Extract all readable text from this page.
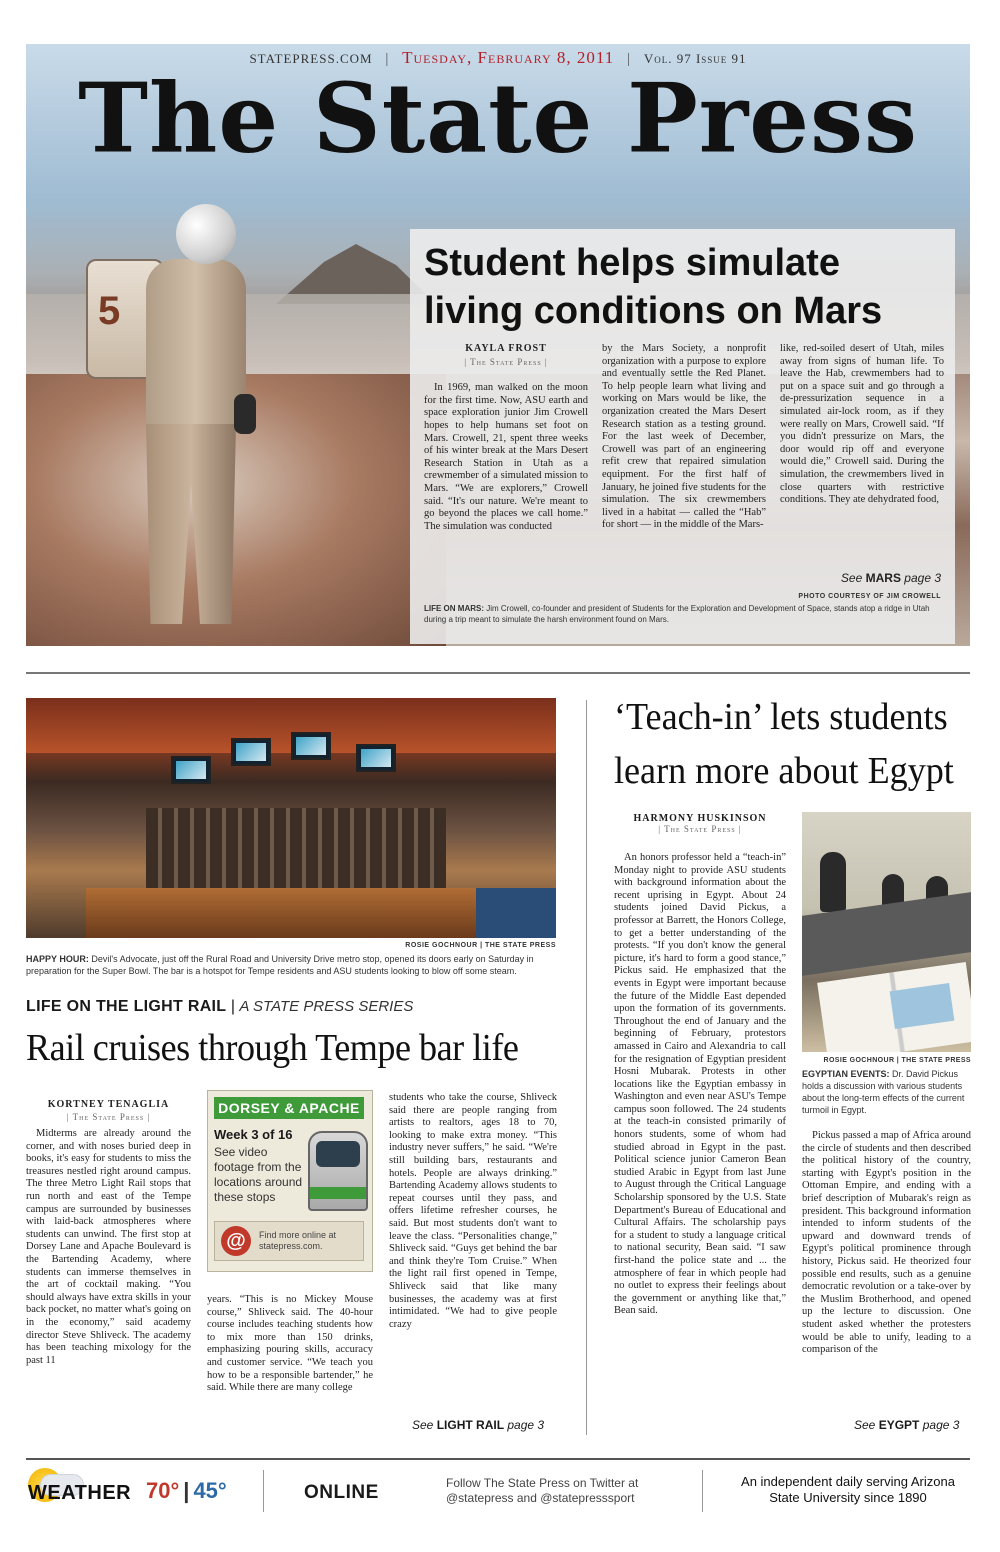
STATEPRESS.COM | Tuesday, February 8, 2011 | Vol. 97 Issue 91
The State Press
5
Student helps simulate living conditions on Mars
KAYLA FROST
| The State Press |

In 1969, man walked on the moon for the first time. Now, ASU earth and space exploration junior Jim Crowell hopes to help humans set foot on Mars. Crowell, 21, spent three weeks of his winter break at the Mars Desert Research Station in Utah as a crewmember of a simulated mission to Mars. “We are explorers,” Crowell said. “It's our nature. We're meant to go beyond the places we call home.” The simulation was conducted

by the Mars Society, a nonprofit organization with a purpose to explore and eventually settle the Red Planet. To help people learn what living and working on Mars would be like, the organization created the Mars Desert Research station as a testing ground. For the last week of December, Crowell was part of an engineering refit crew that repaired simulation equipment. For the first half of January, he joined five students for the simulation. The six crewmembers lived in a habitat — called the “Hab” for short — in the middle of the Mars-

like, red-soiled desert of Utah, miles away from signs of human life. To leave the Hab, crewmembers had to put on a space suit and go through a de-pressurization sequence in a simulated air-lock room, as if they were really on Mars, Crowell said. “If you didn't pressurize on Mars, the door would rip off and everyone would die,” Crowell said. During the simulation, the crewmembers lived in close quarters with restrictive conditions. They ate dehydrated food,

See MARS page 3
PHOTO COURTESY OF JIM CROWELL
LIFE ON MARS: Jim Crowell, co-founder and president of Students for the Exploration and Development of Space, stands atop a ridge in Utah during a trip meant to simulate the harsh environment found on Mars.
ROSIE GOCHNOUR | THE STATE PRESS
HAPPY HOUR: Devil's Advocate, just off the Rural Road and University Drive metro stop, opened its doors early on Saturday in preparation for the Super Bowl. The bar is a hotspot for Tempe residents and ASU students looking to blow off some steam.
LIFE ON THE LIGHT RAIL | A STATE PRESS SERIES
Rail cruises through Tempe bar life
KORTNEY TENAGLIA
| The State Press |

Midterms are already around the corner, and with noses buried deep in books, it's easy for students to miss the treasures nestled right around campus. The three Metro Light Rail stops that run north and east of the Tempe campus are surrounded by businesses with laid-back atmospheres where students can unwind. The first stop at Dorsey Lane and Apache Boulevard is the Bartending Academy, where students can immerse themselves in the art of cocktail making. “You should always have extra skills in your back pocket, no matter what's going on in the economy,” said academy director Steve Shliveck. The academy has been teaching mixology for the past 11

DORSEY & APACHE
Week 3 of 16
See video footage from the locations around these stops
@	Find more online at statepress.com.

years. “This is no Mickey Mouse course,” Shliveck said. The 40-hour course includes teaching students how to mix more than 150 drinks, emphasizing pouring skills, accuracy and customer service. “We teach you how to be a responsible bartender,” he said. While there are many college

students who take the course, Shliveck said there are people ranging from artists to realtors, ages 18 to 70, looking to make extra money. “This industry never suffers,” he said. “We're still building bars, restaurants and hotels. People are always drinking.” Bartending Academy allows students to repeat courses until they pass, and offers lifetime refresher courses, he said. But most students don't want to leave the class. “Personalities change,” Shliveck said. “Guys get behind the bar and think they're Tom Cruise.” When the light rail first opened in Tempe, Shliveck said that like many businesses, the academy was at first intimidated. “We had to give people crazy

See LIGHT RAIL page 3
‘Teach-in’ lets students learn more about Egypt
HARMONY HUSKINSON
| The State Press |

An honors professor held a “teach-in” Monday night to provide ASU students with background information about the recent uprising in Egypt. About 24 students joined David Pickus, a professor at Barrett, the Honors College, to get a better understanding of the protests. “If you don't know the general picture, it's hard to form a good stance,” Pickus said. He emphasized that the events in Egypt were important because the future of the Middle East depended upon the formation of its governments. Throughout the end of January and the beginning of February, protestors amassed in Cairo and Alexandria to call for the resignation of Egyptian president Hosni Mubarak. Protests in other locations like the Egyptian embassy in Washington and even near ASU's Tempe campus soon followed. The 24 students at the teach-in consisted primarily of honors students, some of whom had studied abroad in Egypt in the past. Political science junior Cameron Bean studied Arabic in Egypt from last June to August through the Critical Language Scholarship sponsored by the U.S. State Department's Bureau of Educational and Cultural Affairs. The scholarship pays for a student to study a language critical to national security, Bean said. “I saw first-hand the police state and ... the atmosphere of fear in which people had no outlet to express their feelings about the government or anything like that,” Bean said.

ROSIE GOCHNOUR | THE STATE PRESS
EGYPTIAN EVENTS: Dr. David Pickus holds a discussion with various students about the long-term effects of the current turmoil in Egypt.

Pickus passed a map of Africa around the circle of students and then described the political history of the country, starting with Egypt's position in the Ottoman Empire, and ending with a brief description of Mubarak's reign as president. This background information intended to inform students of the upward and downward trends of Egypt's political prominence through history, Pickus said. He theorized four possible end results, such as a genuine democratic revolution or a take-over by the Muslim Brotherhood, and opened up the lecture to discussion. One student asked whether the protesters would be able to unify, leading to a comparison of the

See EYGPT page 3
WEATHER 70° | 45°	ONLINE	Follow The State Press on Twitter at @statepress and @statepresssport
An independent daily serving Arizona State University since 1890
